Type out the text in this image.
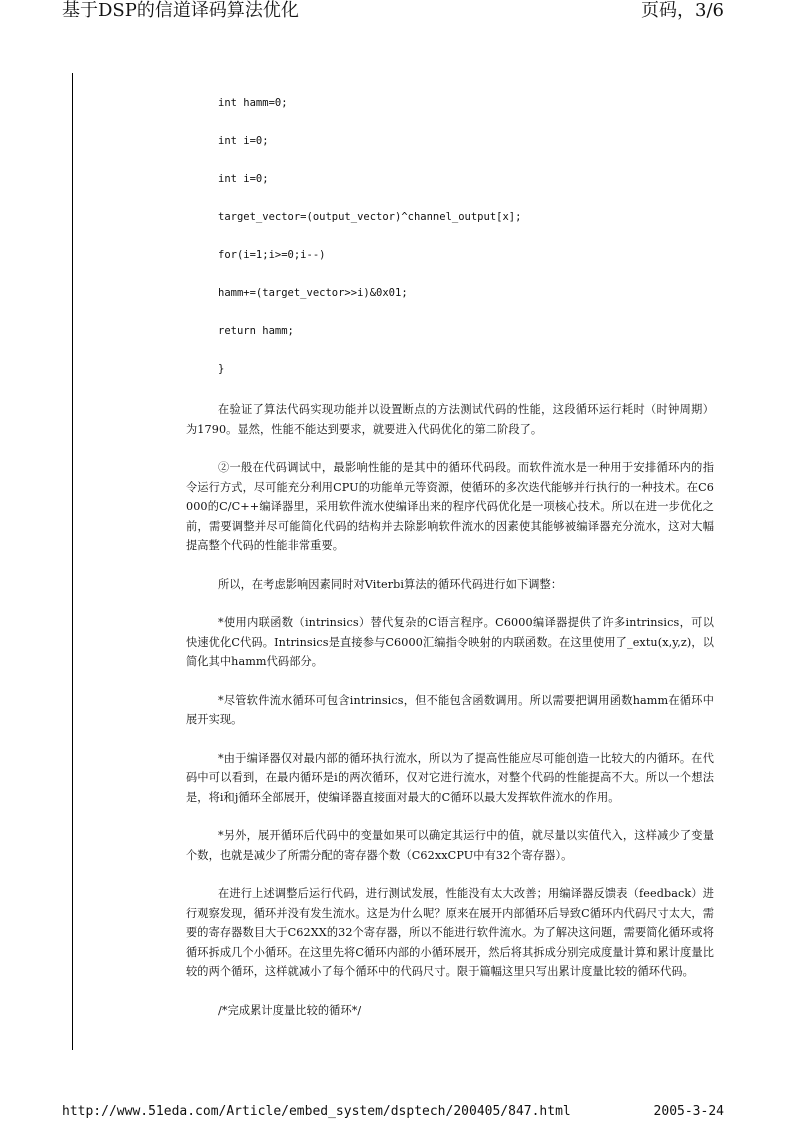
基于DSP的信道译码算法优化	页码，3/6
int hamm=0;
int i=0;
int i=0;
target_vector=(output_vector)^channel_output[x];
for(i=1;i>=0;i--)
hamm+=(target_vector>>i)&0x01;
return hamm;
}

在验证了算法代码实现功能并以设置断点的方法测试代码的性能，这段循环运行耗时（时钟周期）为1790。显然，性能不能达到要求，就要进入代码优化的第二阶段了。

②一般在代码调试中，最影响性能的是其中的循环代码段。而软件流水是一种用于安排循环内的指令运行方式，尽可能充分利用CPU的功能单元等资源，使循环的多次迭代能够并行执行的一种技术。在C6000的C/C++编译器里，采用软件流水使编译出来的程序代码优化是一项核心技术。所以在进一步优化之前，需要调整并尽可能简化代码的结构并去除影响软件流水的因素使其能够被编译器充分流水，这对大幅提高整个代码的性能非常重要。

所以，在考虑影响因素同时对Viterbi算法的循环代码进行如下调整：

*使用内联函数（intrinsics）替代复杂的C语言程序。C6000编译器提供了许多intrinsics，可以快速优化C代码。Intrinsics是直接参与C6000汇编指令映射的内联函数。在这里使用了_extu(x,y,z)，以简化其中hamm代码部分。

*尽管软件流水循环可包含intrinsics，但不能包含函数调用。所以需要把调用函数hamm在循环中展开实现。

*由于编译器仅对最内部的循环执行流水，所以为了提高性能应尽可能创造一比较大的内循环。在代码中可以看到，在最内循环是i的两次循环，仅对它进行流水，对整个代码的性能提高不大。所以一个想法是，将i和j循环全部展开，使编译器直接面对最大的C循环以最大发挥软件流水的作用。

*另外，展开循环后代码中的变量如果可以确定其运行中的值，就尽量以实值代入，这样减少了变量个数，也就是减少了所需分配的寄存器个数（C62xxCPU中有32个寄存器）。

在进行上述调整后运行代码，进行测试发展，性能没有太大改善；用编译器反馈表（feedback）进行观察发现，循环并没有发生流水。这是为什么呢？原来在展开内部循环后导致C循环内代码尺寸太大，需要的寄存器数目大于C62XX的32个寄存器，所以不能进行软件流水。为了解决这问题，需要简化循环或将循环拆成几个小循环。在这里先将C循环内部的小循环展开，然后将其拆成分别完成度量计算和累计度量比较的两个循环，这样就减小了每个循环中的代码尺寸。限于篇幅这里只写出累计度量比较的循环代码。

/*完成累计度量比较的循环*/

http://www.51eda.com/Article/embed_system/dsptech/200405/847.html	2005-3-24
